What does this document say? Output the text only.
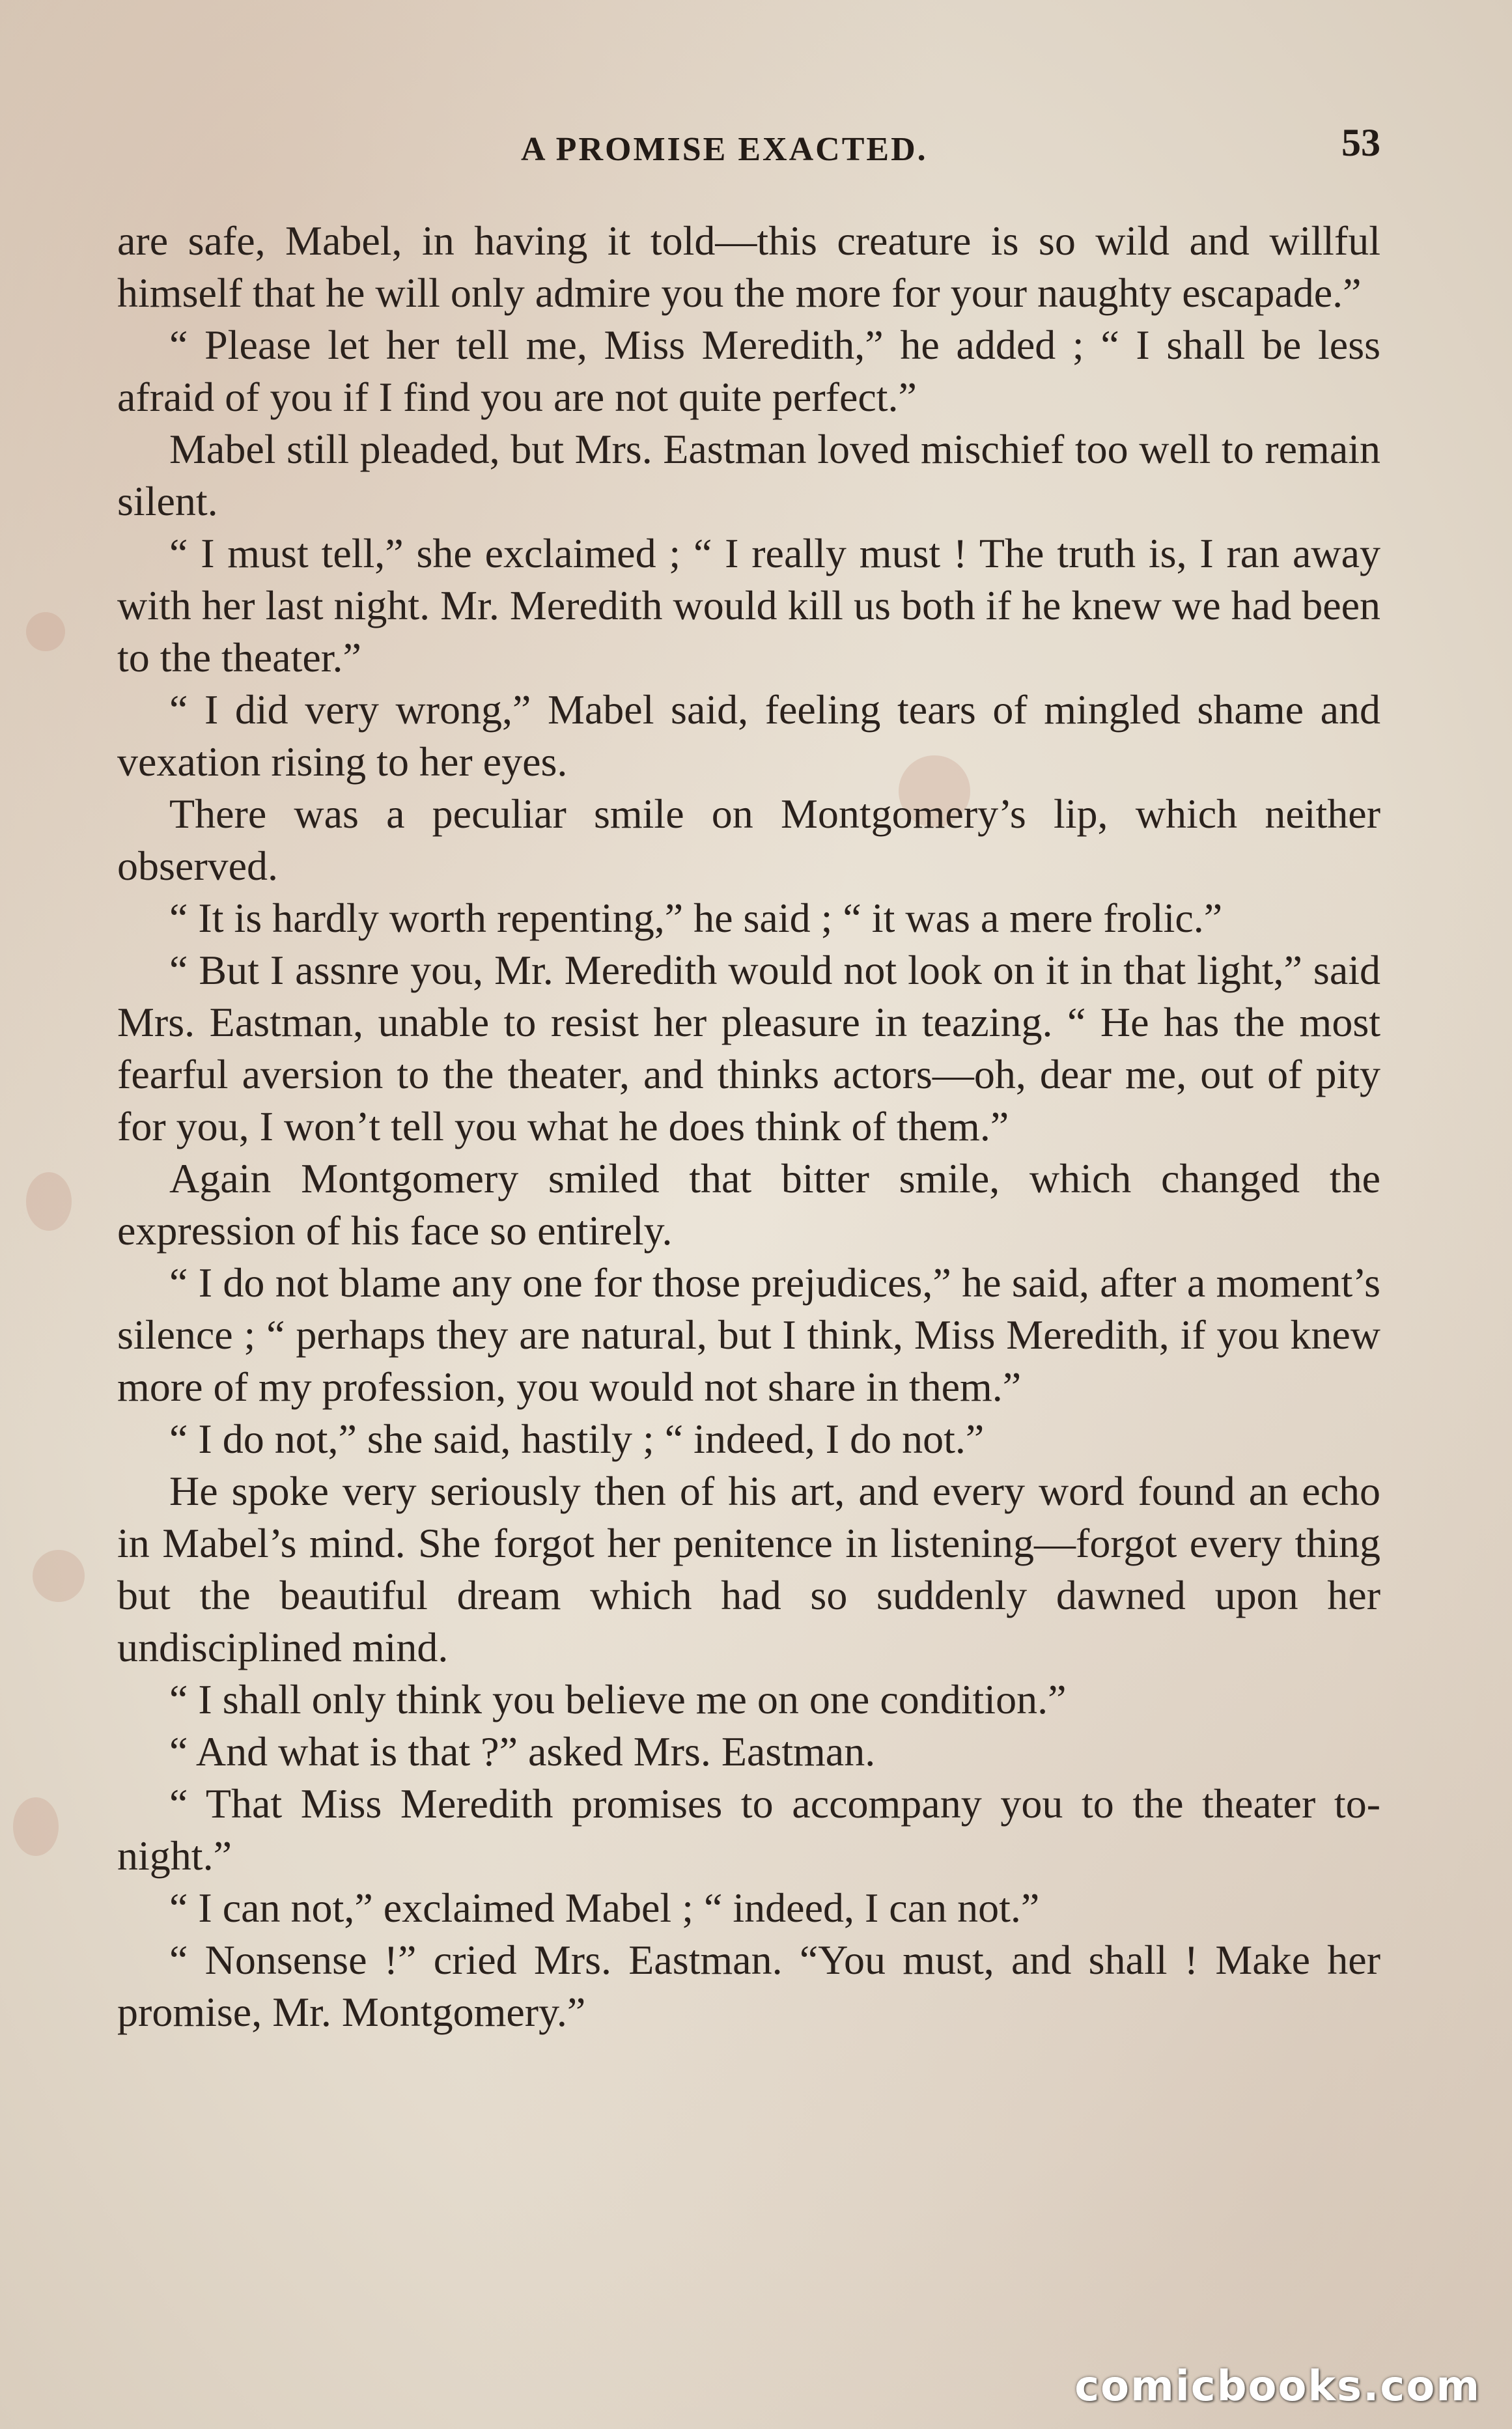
A PROMISE EXACTED.	53

are safe, Mabel, in having it told—this creature is so wild and willful himself that he will only admire you the more for your naughty escapade.”

“ Please let her tell me, Miss Meredith,” he added ; “ I shall be less afraid of you if I find you are not quite perfect.”

Mabel still pleaded, but Mrs. Eastman loved mischief too well to remain silent.

“ I must tell,” she exclaimed ; “ I really must ! The truth is, I ran away with her last night. Mr. Meredith would kill us both if he knew we had been to the theater.”

“ I did very wrong,” Mabel said, feeling tears of mingled shame and vexation rising to her eyes.

There was a peculiar smile on Montgomery’s lip, which neither observed.

“ It is hardly worth repenting,” he said ; “ it was a mere frolic.”

“ But I assnre you, Mr. Meredith would not look on it in that light,” said Mrs. Eastman, unable to resist her pleasure in teazing. “ He has the most fearful aversion to the theater, and thinks actors—oh, dear me, out of pity for you, I won’t tell you what he does think of them.”

Again Montgomery smiled that bitter smile, which changed the expression of his face so entirely.

“ I do not blame any one for those prejudices,” he said, after a moment’s silence ; “ perhaps they are natural, but I think, Miss Meredith, if you knew more of my profession, you would not share in them.”

“ I do not,” she said, hastily ; “ indeed, I do not.”

He spoke very seriously then of his art, and every word found an echo in Mabel’s mind. She forgot her penitence in listening—forgot every thing but the beautiful dream which had so suddenly dawned upon her undisciplined mind.

“ I shall only think you believe me on one condition.”

“ And what is that ?” asked Mrs. Eastman.

“ That Miss Meredith promises to accompany you to the theater to-night.”

“ I can not,” exclaimed Mabel ; “ indeed, I can not.”

“ Nonsense !” cried Mrs. Eastman. “You must, and shall ! Make her promise, Mr. Montgomery.”

comicbooks.com
